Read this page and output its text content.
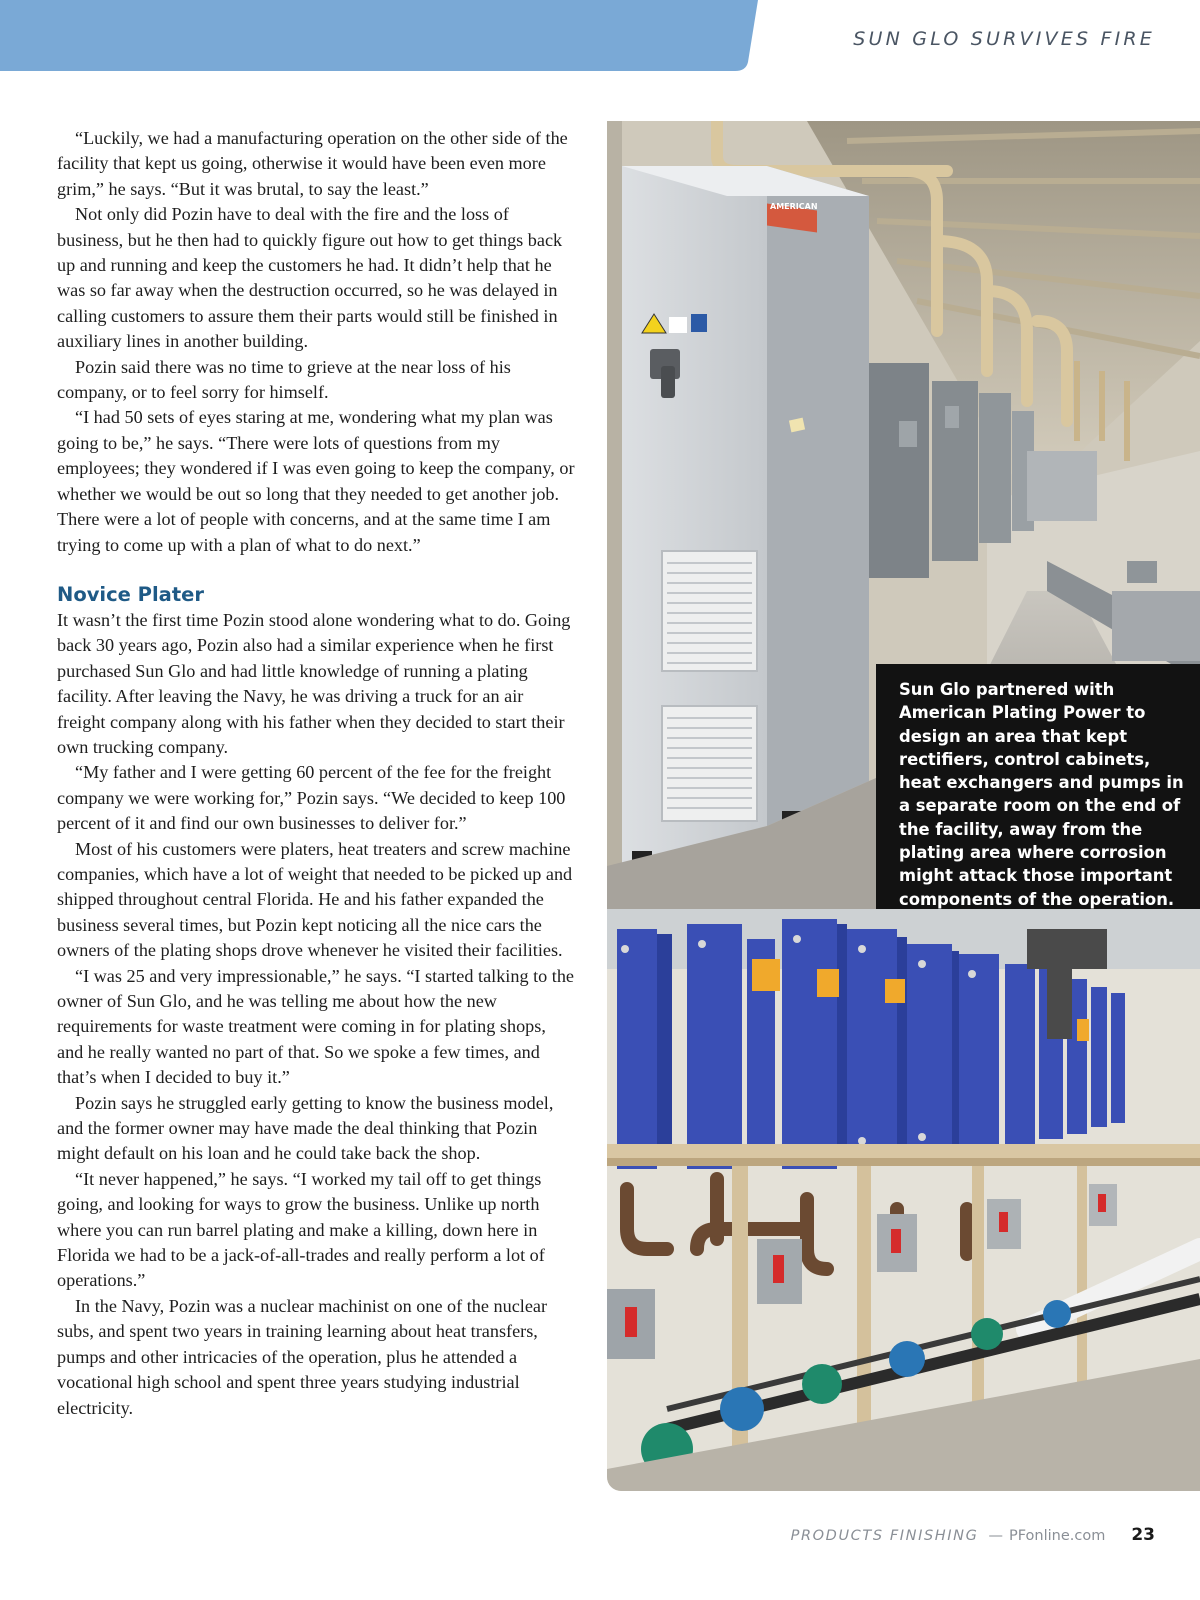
SUN GLO SURVIVES FIRE

“Luckily, we had a manufacturing operation on the other side of the facility that kept us going, otherwise it would have been even more grim,” he says. “But it was brutal, to say the least.”

Not only did Pozin have to deal with the fire and the loss of business, but he then had to quickly figure out how to get things back up and running and keep the customers he had. It didn’t help that he was so far away when the destruction occurred, so he was delayed in calling customers to assure them their parts would still be finished in auxiliary lines in another building.

Pozin said there was no time to grieve at the near loss of his company, or to feel sorry for himself.

“I had 50 sets of eyes staring at me, wondering what my plan was going to be,” he says. “There were lots of questions from my employees; they wondered if I was even going to keep the company, or whether we would be out so long that they needed to get another job. There were a lot of people with concerns, and at the same time I am trying to come up with a plan of what to do next.”

Novice Plater

It wasn’t the first time Pozin stood alone wondering what to do. Going back 30 years ago, Pozin also had a similar experience when he first purchased Sun Glo and had little knowledge of running a plating facility. After leaving the Navy, he was driving a truck for an air freight company along with his father when they decided to start their own trucking company.

“My father and I were getting 60 percent of the fee for the freight company we were working for,” Pozin says. “We decided to keep 100 percent of it and find our own businesses to deliver for.”

Most of his customers were platers, heat treaters and screw machine companies, which have a lot of weight that needed to be picked up and shipped throughout central Florida. He and his father expanded the business several times, but Pozin kept noticing all the nice cars the owners of the plating shops drove whenever he visited their facilities.

“I was 25 and very impressionable,” he says. “I started talking to the owner of Sun Glo, and he was telling me about how the new requirements for waste treatment were coming in for plating shops, and he really wanted no part of that. So we spoke a few times, and that’s when I decided to buy it.”

Pozin says he struggled early getting to know the business model, and the former owner may have made the deal thinking that Pozin might default on his loan and he could take back the shop.

“It never happened,” he says. “I worked my tail off to get things going, and looking for ways to grow the business. Unlike up north where you can run barrel plating and make a killing, down here in Florida we had to be a jack-of-all-trades and really perform a lot of operations.”

In the Navy, Pozin was a nuclear machinist on one of the nuclear subs, and spent two years in training learning about heat transfers, pumps and other intricacies of the operation, plus he attended a vocational high school and spent three years studying industrial electricity.

AMERICAN
Sun Glo partnered with American Plating Power to design an area that kept rectifiers, control cabinets, heat exchangers and pumps in a separate room on the end of the facility, away from the plating area where corrosion might attack those important components of the operation.
PRODUCTS FINISHING — PFonline.com 23
